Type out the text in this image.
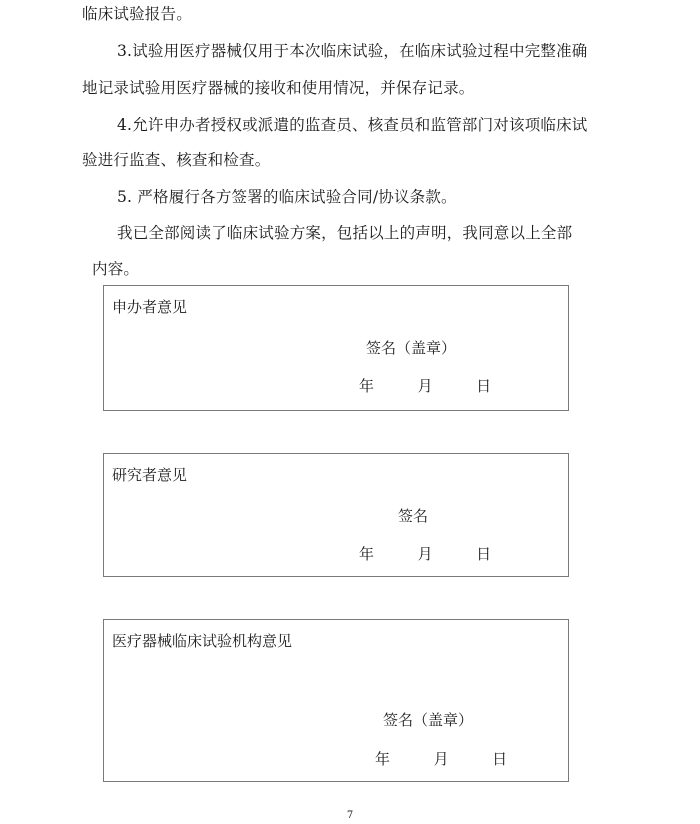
临床试验报告。
3.试验用医疗器械仅用于本次临床试验，在临床试验过程中完整准确
地记录试验用医疗器械的接收和使用情况，并保存记录。
4.允许申办者授权或派遣的监查员、核查员和监管部门对该项临床试
验进行监查、核查和检查。
5. 严格履行各方签署的临床试验合同/协议条款。
我已全部阅读了临床试验方案，包括以上的声明，我同意以上全部
内容。
申办者意见
签名（盖章）
年	月	日
研究者意见
签名
年	月	日
医疗器械临床试验机构意见
签名（盖章）
年	月	日
7
